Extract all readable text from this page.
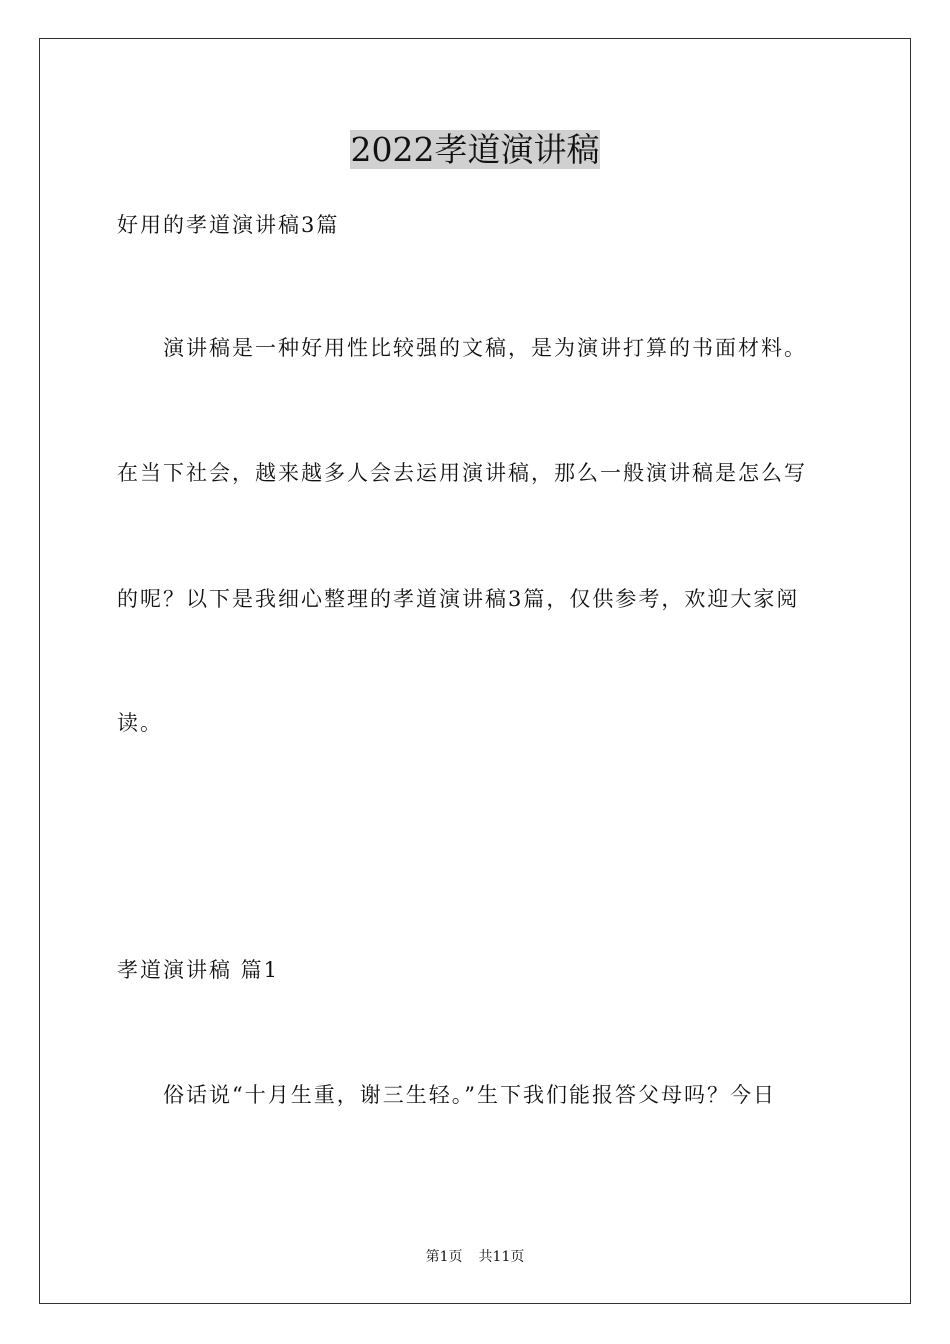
2022孝道演讲稿
好用的孝道演讲稿3篇
演讲稿是一种好用性比较强的文稿，是为演讲打算的书面材料。
在当下社会，越来越多人会去运用演讲稿，那么一般演讲稿是怎么写
的呢？以下是我细心整理的孝道演讲稿3篇，仅供参考，欢迎大家阅
读。
孝道演讲稿 篇1
俗话说“十月生重，谢三生轻。”生下我们能报答父母吗？今日
第1页 共11页
